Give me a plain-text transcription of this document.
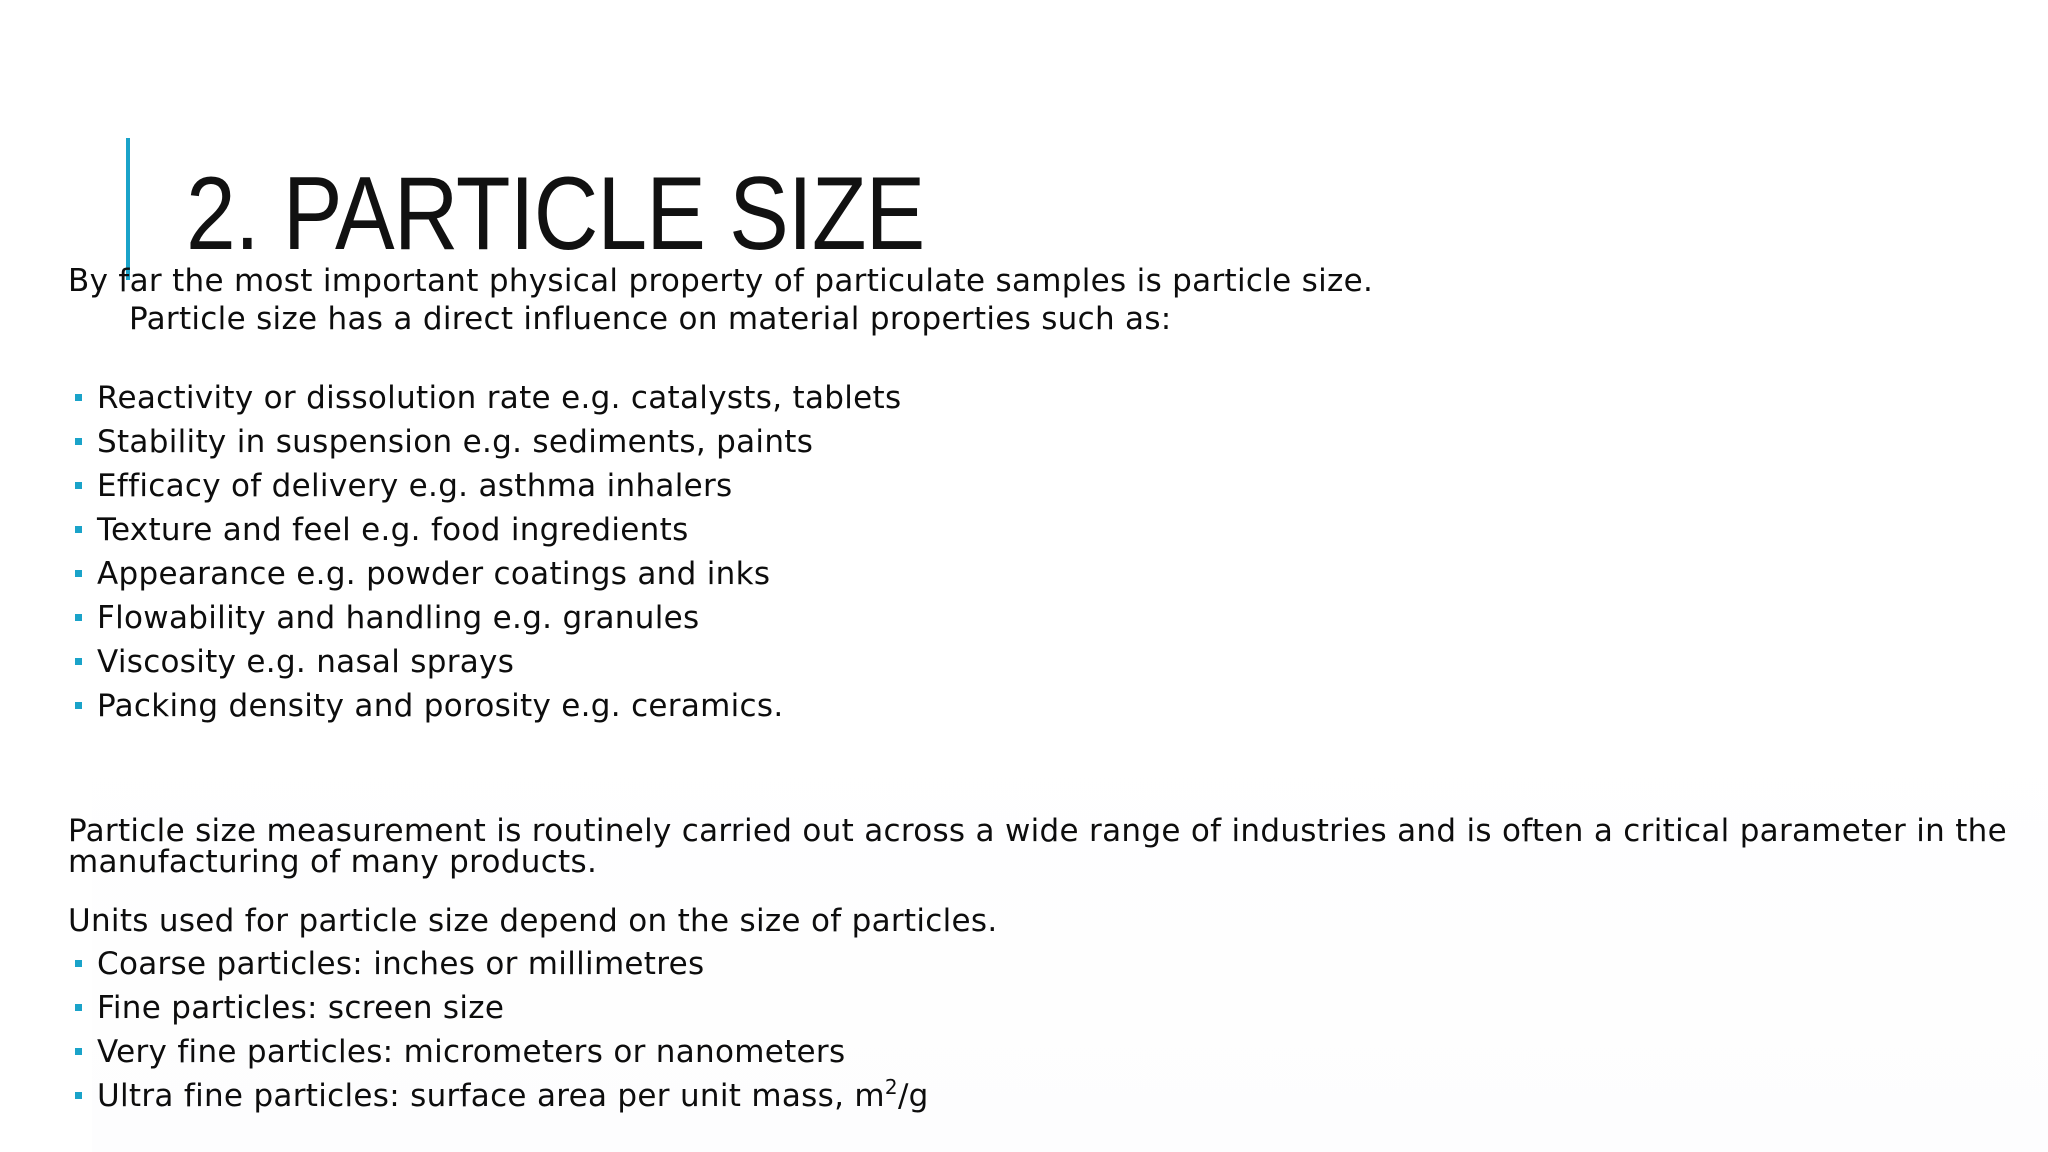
2. PARTICLE SIZE

By far the most important physical property of particulate samples is particle size.

Particle size has a direct influence on material properties such as:

Reactivity or dissolution rate e.g. catalysts, tablets
Stability in suspension e.g. sediments, paints
Efficacy of delivery e.g. asthma inhalers
Texture and feel e.g. food ingredients
Appearance e.g. powder coatings and inks
Flowability and handling e.g. granules
Viscosity e.g. nasal sprays
Packing density and porosity e.g. ceramics.

Particle size measurement is routinely carried out across a wide range of industries and is often a critical parameter in the manufacturing of many products.

Units used for particle size depend on the size of particles.

Coarse particles: inches or millimetres
Fine particles: screen size
Very fine particles: micrometers or nanometers
Ultra fine particles: surface area per unit mass, $m^2/g$
